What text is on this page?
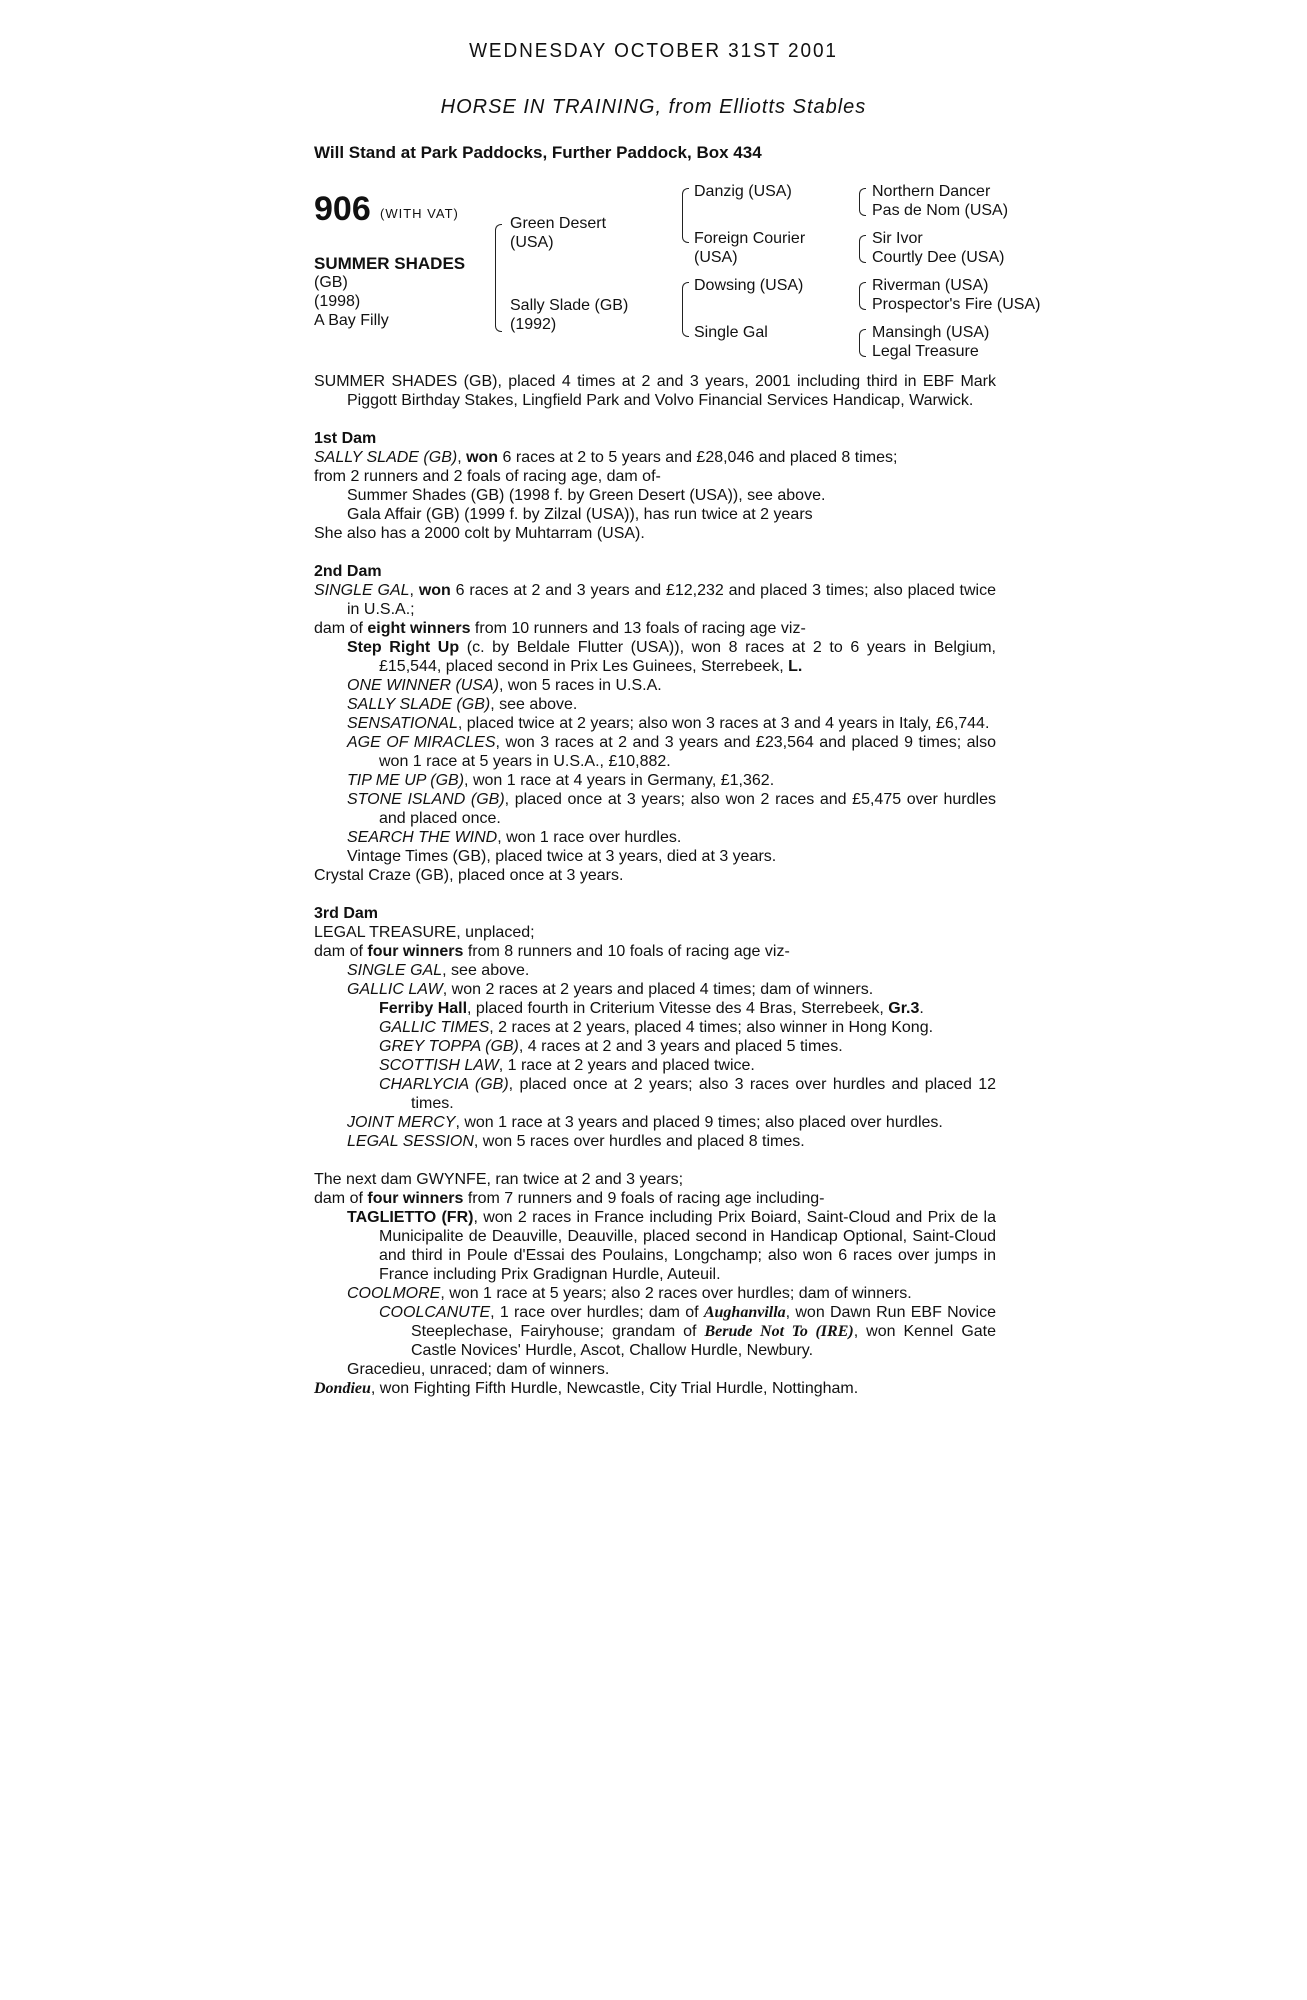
WEDNESDAY OCTOBER 31ST 2001
HORSE IN TRAINING, from Elliotts Stables
Will Stand at Park Paddocks, Further Paddock, Box 434
906 (WITH VAT)
SUMMER SHADES
(GB)
(1998)
A Bay Filly
Green Desert
(USA)
Sally Slade (GB)
(1992)
Danzig (USA)
Foreign Courier
(USA)
Dowsing (USA)
Single Gal
Northern Dancer
Pas de Nom (USA)
Sir Ivor
Courtly Dee (USA)
Riverman (USA)
Prospector's Fire (USA)
Mansingh (USA)
Legal Treasure

SUMMER SHADES (GB), placed 4 times at 2 and 3 years, 2001 including third in EBF Mark Piggott Birthday Stakes, Lingfield Park and Volvo Financial Services Handicap, Warwick.

1st Dam

SALLY SLADE (GB), won 6 races at 2 to 5 years and £28,046 and placed 8 times;

from 2 runners and 2 foals of racing age, dam of-

Summer Shades (GB) (1998 f. by Green Desert (USA)), see above.

Gala Affair (GB) (1999 f. by Zilzal (USA)), has run twice at 2 years

She also has a 2000 colt by Muhtarram (USA).

2nd Dam

SINGLE GAL, won 6 races at 2 and 3 years and £12,232 and placed 3 times; also placed twice in U.S.A.;

dam of eight winners from 10 runners and 13 foals of racing age viz-

Step Right Up (c. by Beldale Flutter (USA)), won 8 races at 2 to 6 years in Belgium, £15,544, placed second in Prix Les Guinees, Sterrebeek, L.

ONE WINNER (USA), won 5 races in U.S.A.

SALLY SLADE (GB), see above.

SENSATIONAL, placed twice at 2 years; also won 3 races at 3 and 4 years in Italy, £6,744.

AGE OF MIRACLES, won 3 races at 2 and 3 years and £23,564 and placed 9 times; also won 1 race at 5 years in U.S.A., £10,882.

TIP ME UP (GB), won 1 race at 4 years in Germany, £1,362.

STONE ISLAND (GB), placed once at 3 years; also won 2 races and £5,475 over hurdles and placed once.

SEARCH THE WIND, won 1 race over hurdles.

Vintage Times (GB), placed twice at 3 years, died at 3 years.

Crystal Craze (GB), placed once at 3 years.

3rd Dam

LEGAL TREASURE, unplaced;

dam of four winners from 8 runners and 10 foals of racing age viz-

SINGLE GAL, see above.

GALLIC LAW, won 2 races at 2 years and placed 4 times; dam of winners.

Ferriby Hall, placed fourth in Criterium Vitesse des 4 Bras, Sterrebeek, Gr.3.

GALLIC TIMES, 2 races at 2 years, placed 4 times; also winner in Hong Kong.

GREY TOPPA (GB), 4 races at 2 and 3 years and placed 5 times.

SCOTTISH LAW, 1 race at 2 years and placed twice.

CHARLYCIA (GB), placed once at 2 years; also 3 races over hurdles and placed 12 times.

JOINT MERCY, won 1 race at 3 years and placed 9 times; also placed over hurdles.

LEGAL SESSION, won 5 races over hurdles and placed 8 times.

The next dam GWYNFE, ran twice at 2 and 3 years;

dam of four winners from 7 runners and 9 foals of racing age including-

TAGLIETTO (FR), won 2 races in France including Prix Boiard, Saint-Cloud and Prix de la Municipalite de Deauville, Deauville, placed second in Handicap Optional, Saint-Cloud and third in Poule d'Essai des Poulains, Longchamp; also won 6 races over jumps in France including Prix Gradignan Hurdle, Auteuil.

COOLMORE, won 1 race at 5 years; also 2 races over hurdles; dam of winners.

COOLCANUTE, 1 race over hurdles; dam of Aughanvilla, won Dawn Run EBF Novice Steeplechase, Fairyhouse; grandam of Berude Not To (IRE), won Kennel Gate Castle Novices' Hurdle, Ascot, Challow Hurdle, Newbury.

Gracedieu, unraced; dam of winners.

Dondieu, won Fighting Fifth Hurdle, Newcastle, City Trial Hurdle, Nottingham.
